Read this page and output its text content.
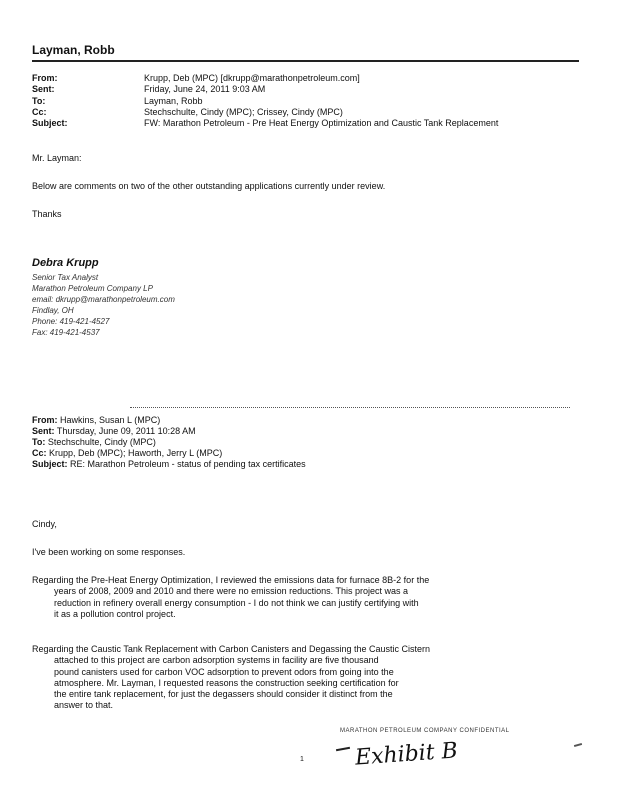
Layman, Robb
From:	Krupp, Deb (MPC) [dkrupp@marathonpetroleum.com]
Sent:	Friday, June 24, 2011 9:03 AM
To:	Layman, Robb
Cc:	Stechschulte, Cindy (MPC); Crissey, Cindy (MPC)
Subject:	FW: Marathon Petroleum - Pre Heat Energy Optimization and Caustic Tank Replacement
Mr. Layman:
Below are comments on two of the other outstanding applications currently under review.
Thanks
Debra Krupp
Senior Tax Analyst
Marathon Petroleum Company LP
email: dkrupp@marathonpetroleum.com
Findlay, OH
Phone: 419-421-4527
Fax: 419-421-4537
From: Hawkins, Susan L (MPC)
Sent: Thursday, June 09, 2011 10:28 AM
To: Stechschulte, Cindy (MPC)
Cc: Krupp, Deb (MPC); Haworth, Jerry L (MPC)
Subject: RE: Marathon Petroleum - status of pending tax certificates
Cindy,
I've been working on some responses.
Regarding the Pre-Heat Energy Optimization, I reviewed the emissions data for furnace 8B-2 for the
years of 2008, 2009 and 2010 and there were no emission reductions. This project was a
reduction in refinery overall energy consumption - I do not think we can justify certifying with
it as a pollution control project.
Regarding the Caustic Tank Replacement with Carbon Canisters and Degassing the Caustic Cistern
attached to this project are carbon adsorption systems in facility are five thousand
pound canisters used for carbon VOC adsorption to prevent odors from going into the
atmosphere. Mr. Layman, I requested reasons the construction seeking certification for
the entire tank replacement, for just the degassers should consider it distinct from the
answer to that.
MARATHON PETROLEUM COMPANY CONFIDENTIAL
1 Exhibit B
